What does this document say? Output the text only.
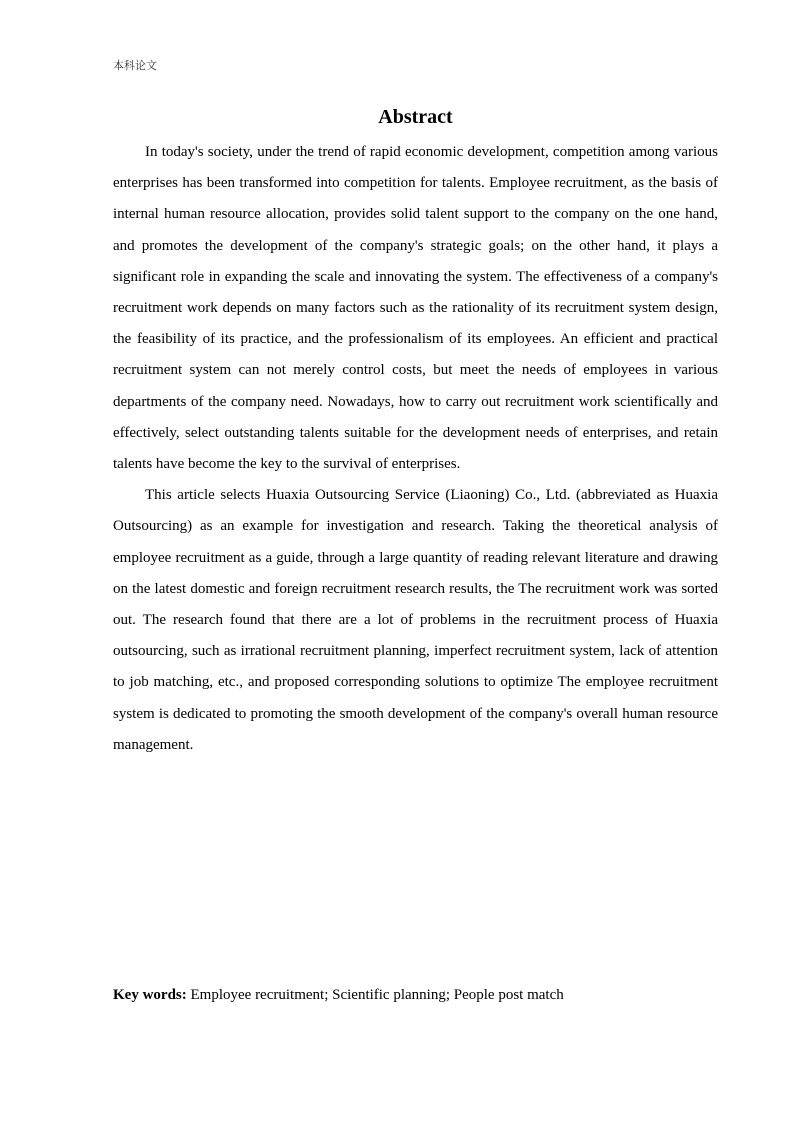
本科论文
Abstract

In today's society, under the trend of rapid economic development, competition among various enterprises has been transformed into competition for talents. Employee recruitment, as the basis of internal human resource allocation, provides solid talent support to the company on the one hand, and promotes the development of the company's strategic goals; on the other hand, it plays a significant role in expanding the scale and innovating the system. The effectiveness of a company's recruitment work depends on many factors such as the rationality of its recruitment system design, the feasibility of its practice, and the professionalism of its employees. An efficient and practical recruitment system can not merely control costs, but meet the needs of employees in various departments of the company need. Nowadays, how to carry out recruitment work scientifically and effectively, select outstanding talents suitable for the development needs of enterprises, and retain talents have become the key to the survival of enterprises.

This article selects Huaxia Outsourcing Service (Liaoning) Co., Ltd. (abbreviated as Huaxia Outsourcing) as an example for investigation and research. Taking the theoretical analysis of employee recruitment as a guide, through a large quantity of reading relevant literature and drawing on the latest domestic and foreign recruitment research results, the The recruitment work was sorted out. The research found that there are a lot of problems in the recruitment process of Huaxia outsourcing, such as irrational recruitment planning, imperfect recruitment system, lack of attention to job matching, etc., and proposed corresponding solutions to optimize The employee recruitment system is dedicated to promoting the smooth development of the company's overall human resource management.

Key words: Employee recruitment; Scientific planning; People post match
